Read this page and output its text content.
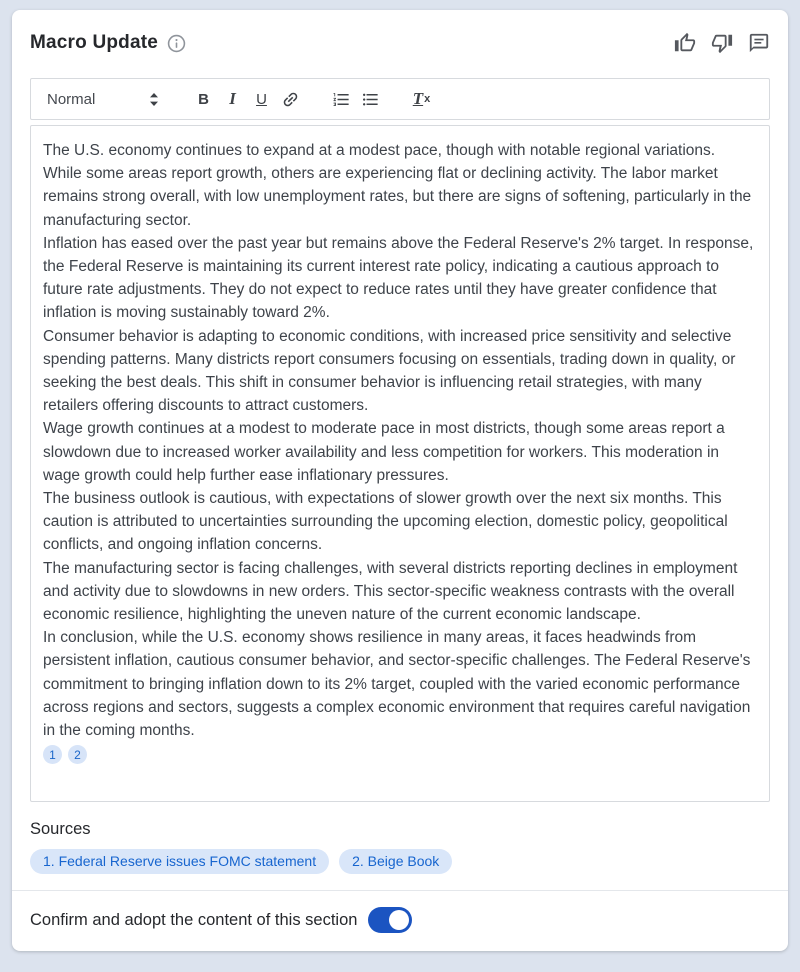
Macro Update
Normal	B	I	U	T x

The U.S. economy continues to expand at a modest pace, though with notable regional variations. While some areas report growth, others are experiencing flat or declining activity. The labor market remains strong overall, with low unemployment rates, but there are signs of softening, particularly in the manufacturing sector.

Inflation has eased over the past year but remains above the Federal Reserve's 2% target. In response, the Federal Reserve is maintaining its current interest rate policy, indicating a cautious approach to future rate adjustments. They do not expect to reduce rates until they have greater confidence that inflation is moving sustainably toward 2%.

Consumer behavior is adapting to economic conditions, with increased price sensitivity and selective spending patterns. Many districts report consumers focusing on essentials, trading down in quality, or seeking the best deals. This shift in consumer behavior is influencing retail strategies, with many retailers offering discounts to attract customers.

Wage growth continues at a modest to moderate pace in most districts, though some areas report a slowdown due to increased worker availability and less competition for workers. This moderation in wage growth could help further ease inflationary pressures.

The business outlook is cautious, with expectations of slower growth over the next six months. This caution is attributed to uncertainties surrounding the upcoming election, domestic policy, geopolitical conflicts, and ongoing inflation concerns.

The manufacturing sector is facing challenges, with several districts reporting declines in employment and activity due to slowdowns in new orders. This sector-specific weakness contrasts with the overall economic resilience, highlighting the uneven nature of the current economic landscape.

In conclusion, while the U.S. economy shows resilience in many areas, it faces headwinds from persistent inflation, cautious consumer behavior, and sector-specific challenges. The Federal Reserve's commitment to bringing inflation down to its 2% target, coupled with the varied economic performance across regions and sectors, suggests a complex economic environment that requires careful navigation in the coming months.

1	2
Sources
1. Federal Reserve issues FOMC statement	2. Beige Book
Confirm and adopt the content of this section
